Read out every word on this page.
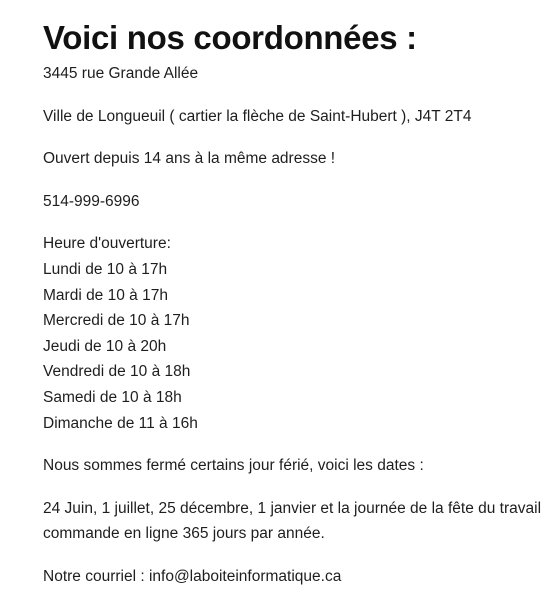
Voici nos coordonnées :
3445 rue Grande Allée
Ville de Longueuil ( cartier la flèche de Saint-Hubert ), J4T 2T4
Ouvert depuis 14 ans à la même adresse !
514-999-6996
Heure d'ouverture:
Lundi de 10 à 17h
Mardi de 10 à 17h
Mercredi de 10 à 17h
Jeudi de 10 à 20h
Vendredi de 10 à 18h
Samedi de 10 à 18h
Dimanche de 11 à 16h
Nous sommes fermé certains jour férié, voici les dates :
24 Juin, 1 juillet, 25 décembre, 1 janvier et la journée de la fête du travail
commande en ligne 365 jours par année.
Notre courriel : info@laboiteinformatique.ca
